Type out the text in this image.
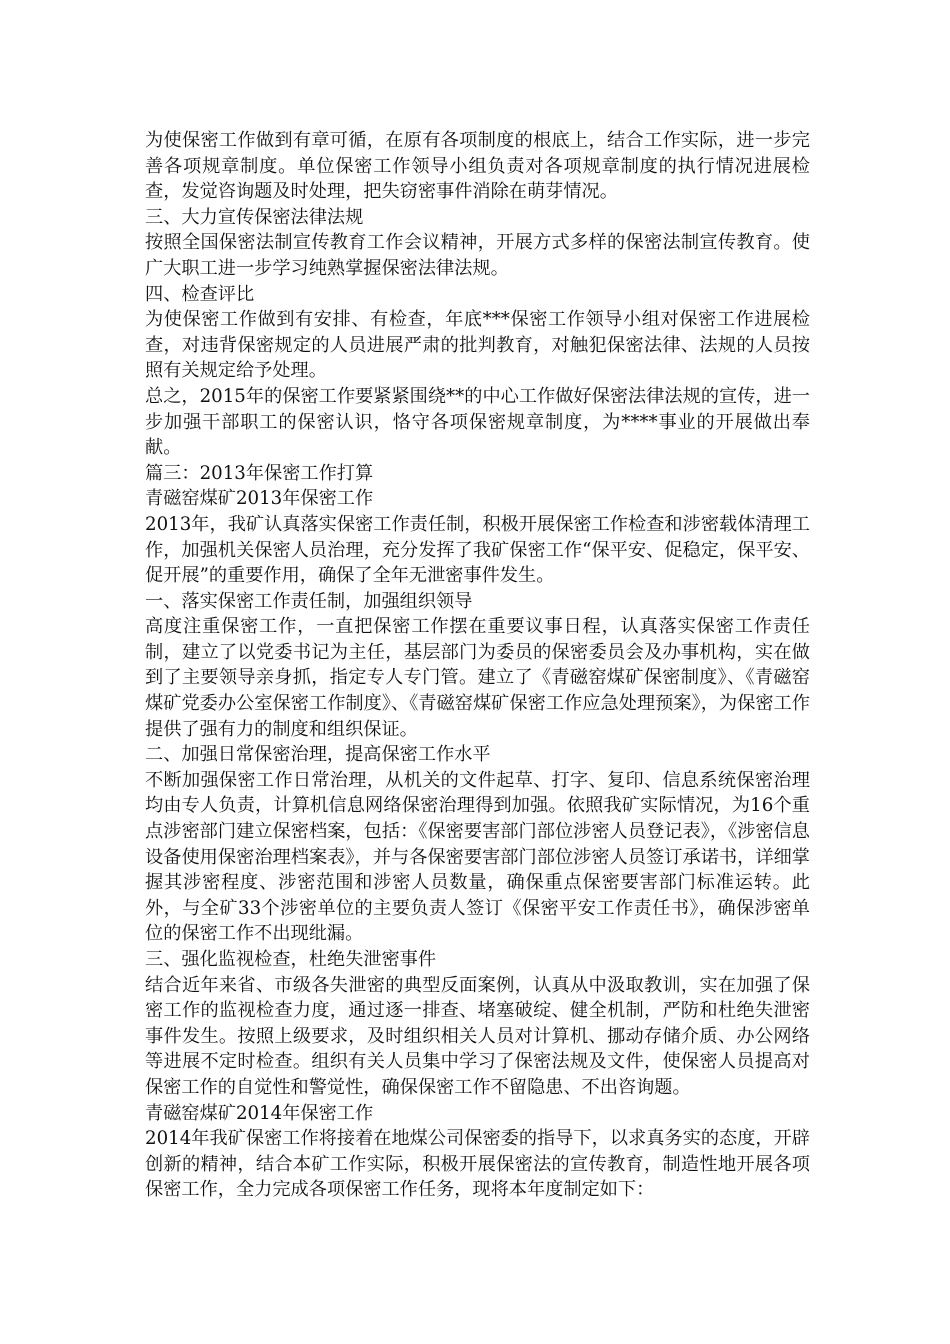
为使保密工作做到有章可循，在原有各项制度的根底上，结合工作实际，进一步完善各项规章制度。单位保密工作领导小组负责对各项规章制度的执行情况进展检查，发觉咨询题及时处理，把失窃密事件消除在萌芽情况。

三、大力宣传保密法律法规

按照全国保密法制宣传教育工作会议精神，开展方式多样的保密法制宣传教育。使广大职工进一步学习纯熟掌握保密法律法规。

四、检查评比

为使保密工作做到有安排、有检查，年底***保密工作领导小组对保密工作进展检查，对违背保密规定的人员进展严肃的批判教育，对触犯保密法律、法规的人员按照有关规定给予处理。

总之，2015年的保密工作要紧紧围绕**的中心工作做好保密法律法规的宣传，进一步加强干部职工的保密认识，恪守各项保密规章制度，为****事业的开展做出奉献。

篇三：2013年保密工作打算

青磁窑煤矿2013年保密工作

2013年，我矿认真落实保密工作责任制，积极开展保密工作检查和涉密载体清理工作，加强机关保密人员治理，充分发挥了我矿保密工作“保平安、促稳定，保平安、促开展”的重要作用，确保了全年无泄密事件发生。

一、落实保密工作责任制，加强组织领导

高度注重保密工作，一直把保密工作摆在重要议事日程，认真落实保密工作责任制，建立了以党委书记为主任，基层部门为委员的保密委员会及办事机构，实在做到了主要领导亲身抓，指定专人专门管。建立了《青磁窑煤矿保密制度》、《青磁窑煤矿党委办公室保密工作制度》、《青磁窑煤矿保密工作应急处理预案》，为保密工作提供了强有力的制度和组织保证。

二、加强日常保密治理，提高保密工作水平

不断加强保密工作日常治理，从机关的文件起草、打字、复印、信息系统保密治理均由专人负责，计算机信息网络保密治理得到加强。依照我矿实际情况，为16个重点涉密部门建立保密档案，包括：《保密要害部门部位涉密人员登记表》，《涉密信息设备使用保密治理档案表》，并与各保密要害部门部位涉密人员签订承诺书，详细掌握其涉密程度、涉密范围和涉密人员数量，确保重点保密要害部门标准运转。此外，与全矿33个涉密单位的主要负责人签订《保密平安工作责任书》，确保涉密单位的保密工作不出现纰漏。

三、强化监视检查，杜绝失泄密事件

结合近年来省、市级各失泄密的典型反面案例，认真从中汲取教训，实在加强了保密工作的监视检查力度，通过逐一排查、堵塞破绽、健全机制，严防和杜绝失泄密事件发生。按照上级要求，及时组织相关人员对计算机、挪动存储介质、办公网络等进展不定时检查。组织有关人员集中学习了保密法规及文件，使保密人员提高对保密工作的自觉性和警觉性，确保保密工作不留隐患、不出咨询题。

青磁窑煤矿2014年保密工作

2014年我矿保密工作将接着在地煤公司保密委的指导下，以求真务实的态度，开辟创新的精神，结合本矿工作实际，积极开展保密法的宣传教育，制造性地开展各项保密工作，全力完成各项保密工作任务，现将本年度制定如下：
